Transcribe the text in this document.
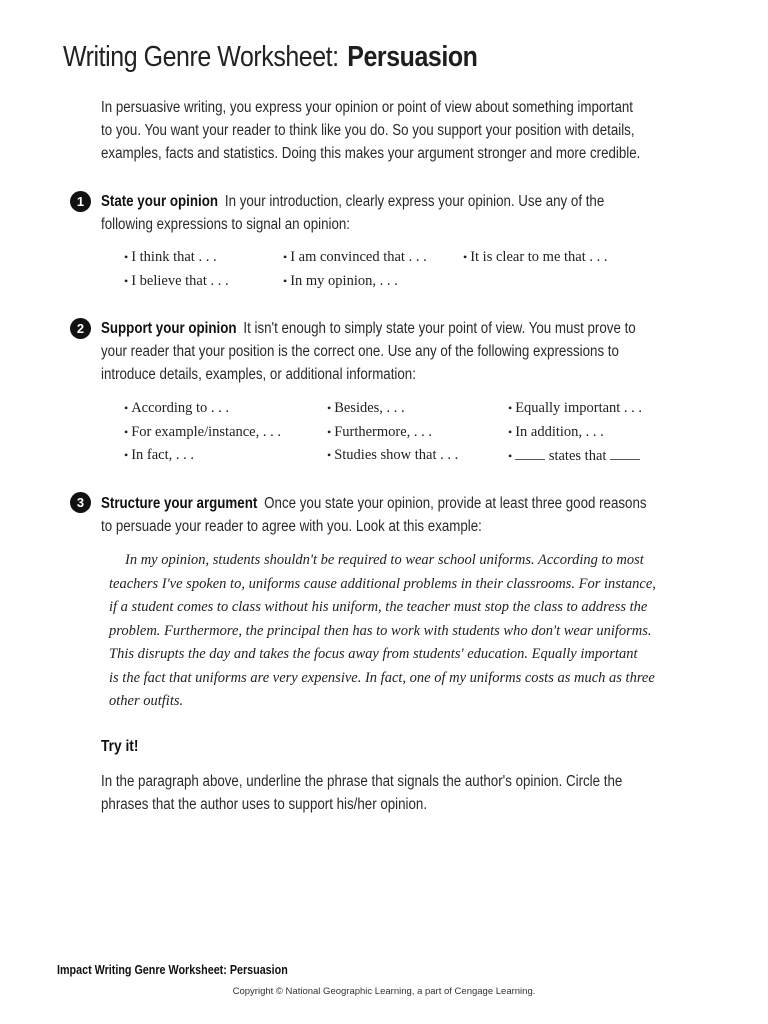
Writing Genre Worksheet: Persuasion
In persuasive writing, you express your opinion or point of view about something important
to you. You want your reader to think like you do. So you support your position with details,
examples, facts and statistics. Doing this makes your argument stronger and more credible.
1	State your opinion In your introduction, clearly express your opinion. Use any of the
following expressions to signal an opinion:
• I think that . . .	• I am convinced that . . .	• It is clear to me that . . .
• I believe that . . .	• In my opinion, . . .
2	Support your opinion It isn't enough to simply state your point of view. You must prove to
your reader that your position is the correct one. Use any of the following expressions to
introduce details, examples, or additional information:
• According to . . .	• Besides, . . .	• Equally important . . .
• For example/instance, . . .	• Furthermore, . . .	• In addition, . . .
• In fact, . . .	• Studies show that . . .	• states that
3	Structure your argument Once you state your opinion, provide at least three good reasons
to persuade your reader to agree with you. Look at this example:
In my opinion, students shouldn't be required to wear school uniforms. According to most
teachers I've spoken to, uniforms cause additional problems in their classrooms. For instance,
if a student comes to class without his uniform, the teacher must stop the class to address the
problem. Furthermore, the principal then has to work with students who don't wear uniforms.
This disrupts the day and takes the focus away from students' education. Equally important
is the fact that uniforms are very expensive. In fact, one of my uniforms costs as much as three
other outfits.
Try it!
In the paragraph above, underline the phrase that signals the author's opinion. Circle the
phrases that the author uses to support his/her opinion.
Impact Writing Genre Worksheet: Persuasion
Copyright © National Geographic Learning, a part of Cengage Learning.
